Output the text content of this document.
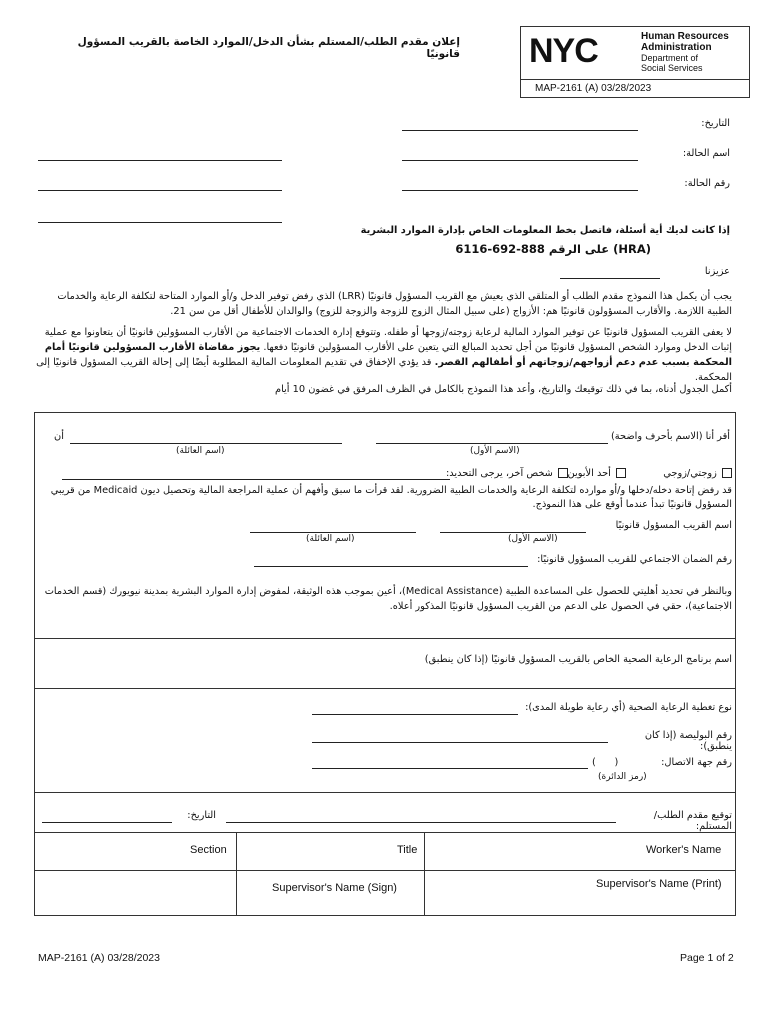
إعلان مقدم الطلب/المستلم بشأن الدخل/الموارد الخاصة بالقريب المسؤول قانونيًا NYC	Human Resources
Administration
Department of
Social Services
MAP-2161 (A) 03/28/2023
التاريخ:
اسم الحالة:
رقم الحالة:
إذا كانت لديك أية أسئلة، فاتصل بخط المعلومات الخاص بإدارة الموارد البشرية
(HRA) على الرقم 888-692-6116
عزيزنا
يجب أن يكمل هذا النموذج مقدم الطلب أو المتلقي الذي يعيش مع القريب المسؤول قانونيًا (LRR) الذي رفض توفير الدخل و/أو الموارد المتاحة لتكلفة الرعاية والخدمات الطبية اللازمة. والأقارب المسؤولون قانونيًا هم: الأزواج (على سبيل المثال الزوج للزوجة والزوجة للزوج) والوالدان للأطفال أقل من سن 21.
لا يعفى القريب المسؤول قانونيًا عن توفير الموارد المالية لرعاية زوجته/زوجها أو طفله. وتتوقع إدارة الخدمات الاجتماعية من الأقارب المسؤولين قانونيًا أن يتعاونوا مع عملية إثبات الدخل وموارد الشخص المسؤول قانونيًا من أجل تحديد المبالغ التي يتعين على الأقارب المسؤولين قانونيًا دفعها. يجوز مقاضاة الأقارب المسؤولين قانونيًا أمام المحكمة بسبب عدم دعم أزواجهم/زوجاتهم أو أطفالهم القصر. قد يؤدي الإخفاق في تقديم المعلومات المالية المطلوبة أيضًا إلى إحالة القريب المسؤول قانونيًا إلى المحكمة.
أكمل الجدول أدناه، بما في ذلك توقيعك والتاريخ، وأعد هذا النموذج بالكامل في الظرف المرفق في غضون 10 أيام
أقر أنا (الاسم بأحرف واضحة)
أن
(الاسم الأول)
(اسم العائلة)
زوجتي/زوجي
أحد الأبوين
شخص آخر، يرجى التحديد:
قد رفض إتاحة دخله/دخلها و/أو موارده لتكلفة الرعاية والخدمات الطبية الضرورية. لقد قرأت ما سبق وأفهم أن عملية المراجعة المالية وتحصيل ديون Medicaid من قريبي المسؤول قانونيًا تبدأ عندما أوقع على هذا النموذج.
اسم القريب المسؤول قانونيًا
(الاسم الأول)
(اسم العائلة)
رقم الضمان الاجتماعي للقريب المسؤول قانونيًا:
وبالنظر في تحديد أهليتي للحصول على المساعدة الطبية (Medical Assistance)، أعين بموجب هذه الوثيقة، لمفوض إدارة الموارد البشرية بمدينة نيويورك (قسم الخدمات الاجتماعية)، حقي في الحصول على الدعم من القريب المسؤول قانونيًا المذكور أعلاه.
اسم برنامج الرعاية الصحية الخاص بالقريب المسؤول قانونيًا (إذا كان ينطبق)
نوع تغطية الرعاية الصحية (أي رعاية طويلة المدى):
رقم البوليصة (إذا كان ينطبق):
رقم جهة الاتصال:
(      )
(رمز الدائرة)
توقيع مقدم الطلب/المستلم:
التاريخ:
Worker's Name
Title
Section
Supervisor's Name (Print)
Supervisor's Name (Sign)
MAP-2161 (A) 03/28/2023	Page 1 of 2
